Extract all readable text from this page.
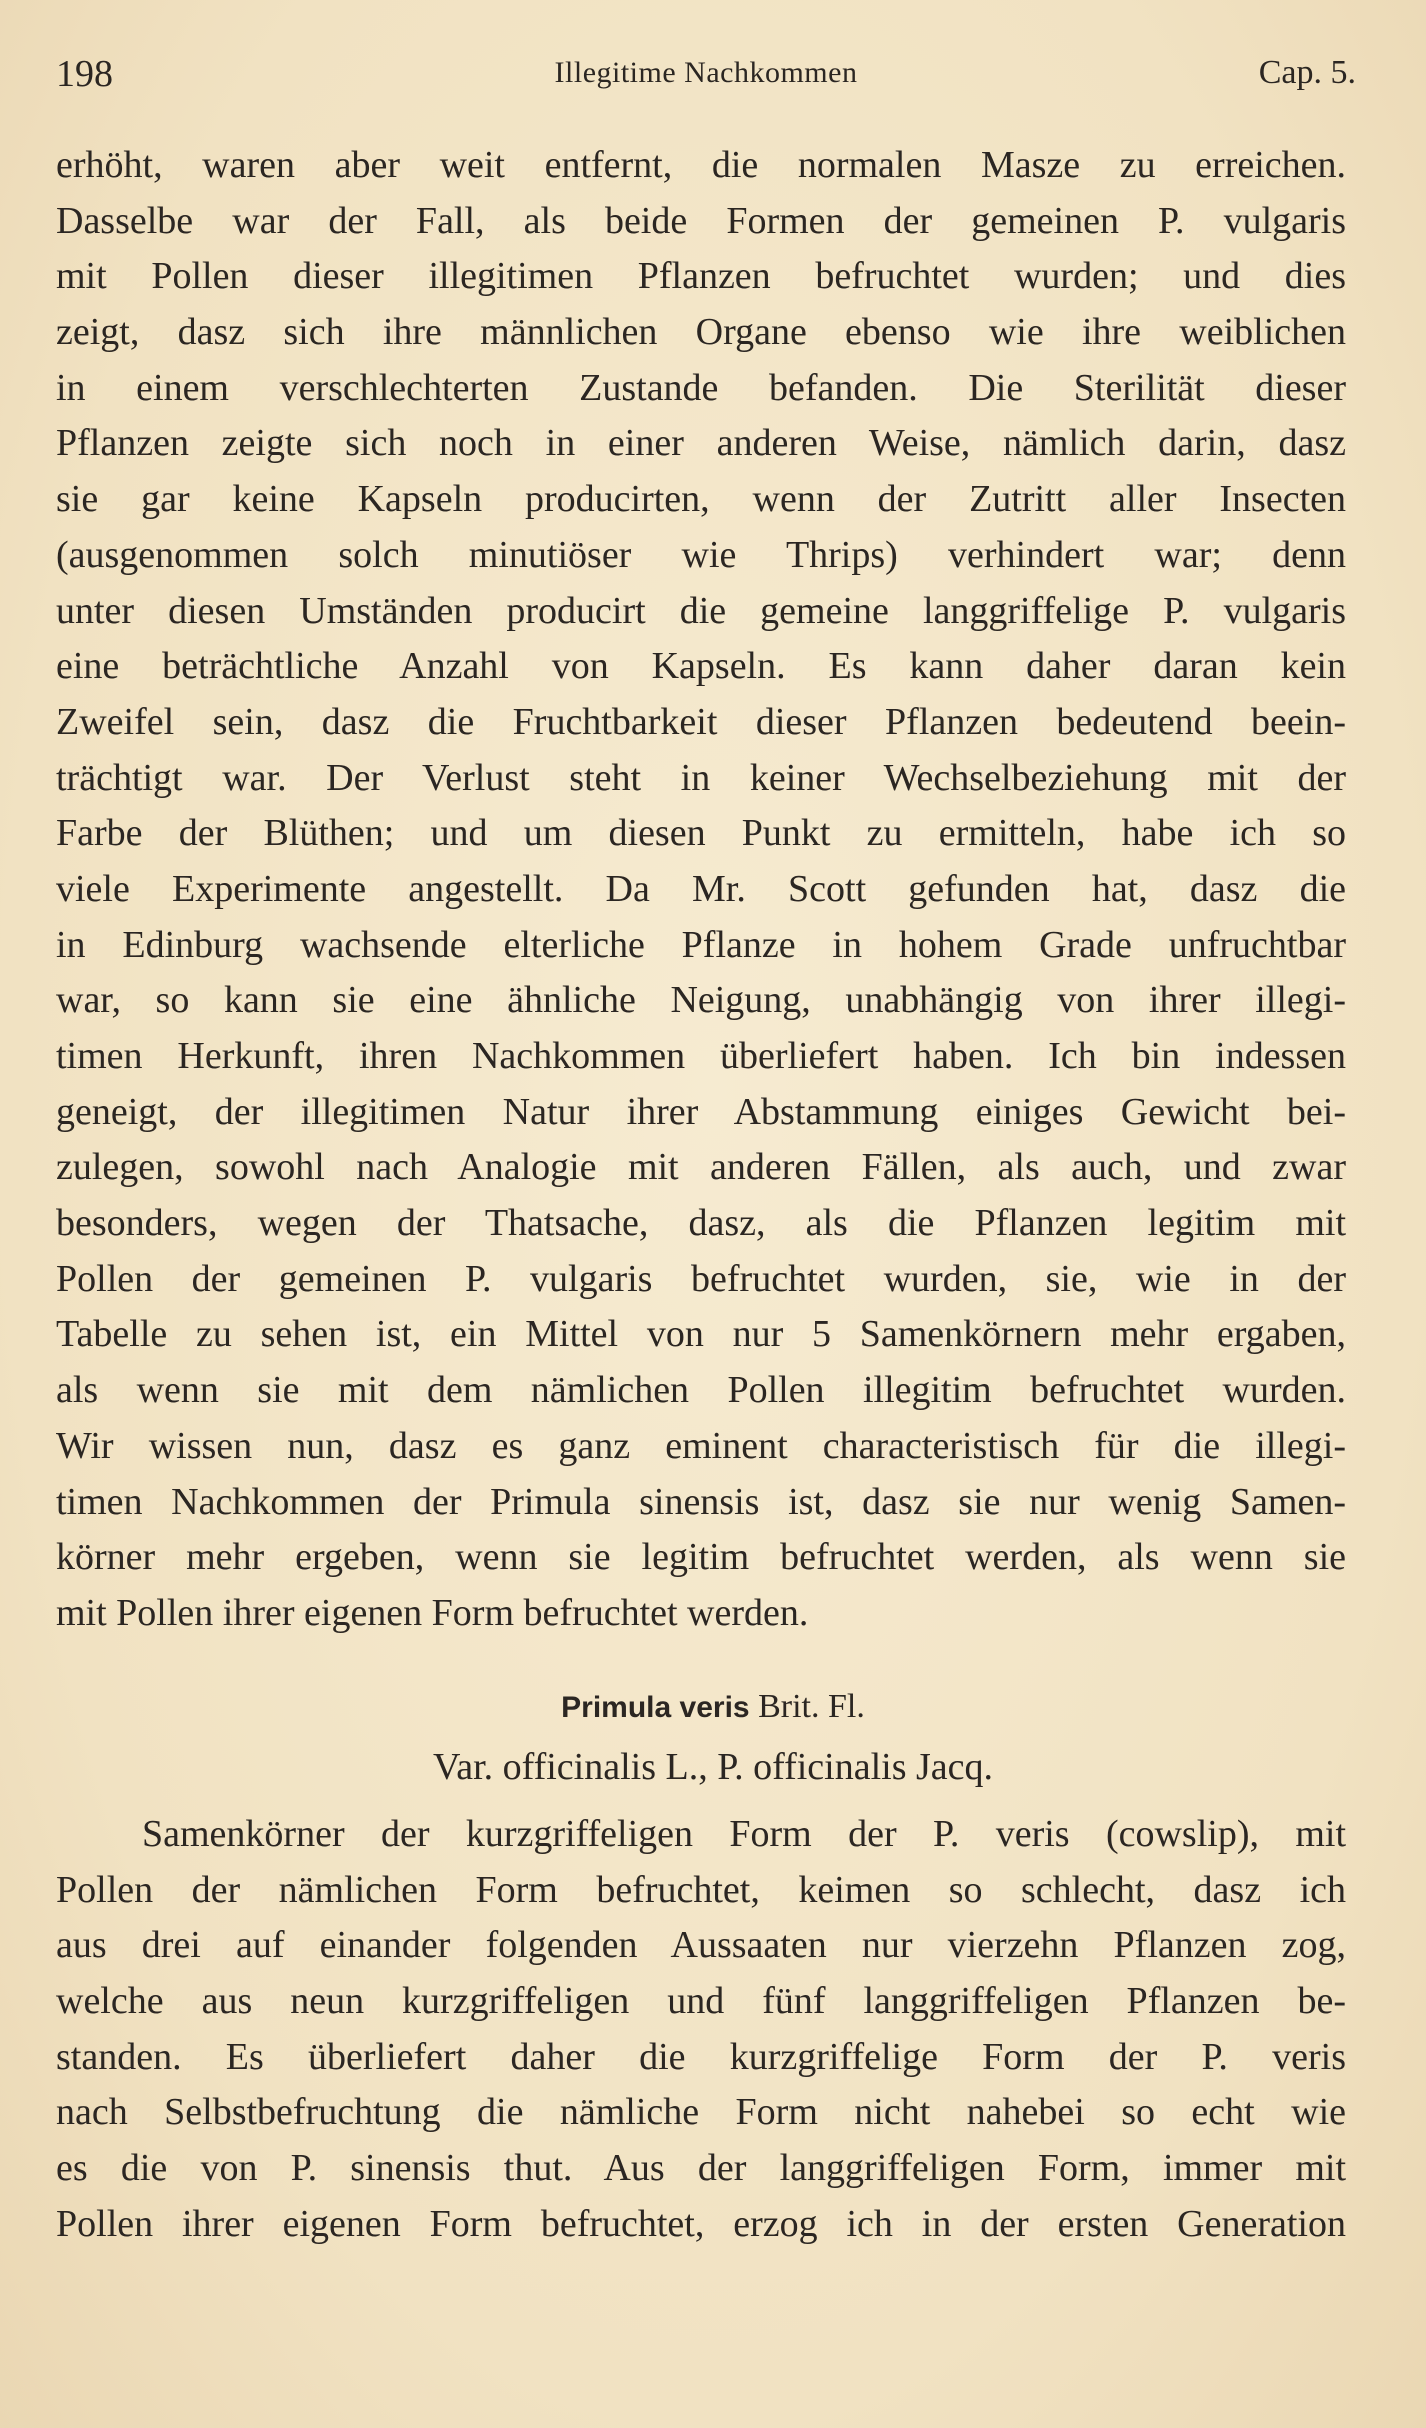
198	Illegitime Nachkommen	Cap. 5.
erhöht, waren aber weit entfernt, die normalen Masze zu erreichen.
Dasselbe war der Fall, als beide Formen der gemeinen P. vulgaris
mit Pollen dieser illegitimen Pflanzen befruchtet wurden; und dies
zeigt, dasz sich ihre männlichen Organe ebenso wie ihre weiblichen
in einem verschlechterten Zustande befanden. Die Sterilität dieser
Pflanzen zeigte sich noch in einer anderen Weise, nämlich darin, dasz
sie gar keine Kapseln producirten, wenn der Zutritt aller Insecten
(ausgenommen solch minutiöser wie Thrips) verhindert war; denn
unter diesen Umständen producirt die gemeine langgriffelige P. vulgaris
eine beträchtliche Anzahl von Kapseln. Es kann daher daran kein
Zweifel sein, dasz die Fruchtbarkeit dieser Pflanzen bedeutend beein-
trächtigt war. Der Verlust steht in keiner Wechselbeziehung mit der
Farbe der Blüthen; und um diesen Punkt zu ermitteln, habe ich so
viele Experimente angestellt. Da Mr. Scott gefunden hat, dasz die
in Edinburg wachsende elterliche Pflanze in hohem Grade unfruchtbar
war, so kann sie eine ähnliche Neigung, unabhängig von ihrer illegi-
timen Herkunft, ihren Nachkommen überliefert haben. Ich bin indessen
geneigt, der illegitimen Natur ihrer Abstammung einiges Gewicht bei-
zulegen, sowohl nach Analogie mit anderen Fällen, als auch, und zwar
besonders, wegen der Thatsache, dasz, als die Pflanzen legitim mit
Pollen der gemeinen P. vulgaris befruchtet wurden, sie, wie in der
Tabelle zu sehen ist, ein Mittel von nur 5 Samenkörnern mehr ergaben,
als wenn sie mit dem nämlichen Pollen illegitim befruchtet wurden.
Wir wissen nun, dasz es ganz eminent characteristisch für die illegi-
timen Nachkommen der Primula sinensis ist, dasz sie nur wenig Samen-
körner mehr ergeben, wenn sie legitim befruchtet werden, als wenn sie
mit Pollen ihrer eigenen Form befruchtet werden.
Primula veris Brit. Fl.
Var. officinalis L., P. officinalis Jacq.
Samenkörner der kurzgriffeligen Form der P. veris (cowslip), mit
Pollen der nämlichen Form befruchtet, keimen so schlecht, dasz ich
aus drei auf einander folgenden Aussaaten nur vierzehn Pflanzen zog,
welche aus neun kurzgriffeligen und fünf langgriffeligen Pflanzen be-
standen. Es überliefert daher die kurzgriffelige Form der P. veris
nach Selbstbefruchtung die nämliche Form nicht nahebei so echt wie
es die von P. sinensis thut. Aus der langgriffeligen Form, immer mit
Pollen ihrer eigenen Form befruchtet, erzog ich in der ersten Generation
